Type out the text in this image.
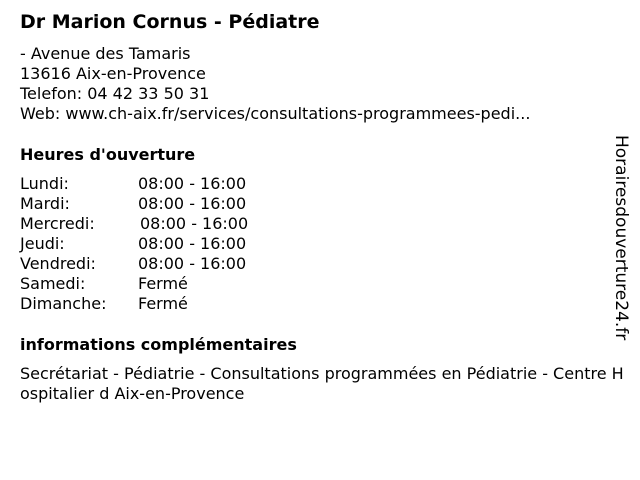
Dr Marion Cornus - Pédiatre
- Avenue des Tamaris
13616 Aix-en-Provence
Telefon: 04 42 33 50 31
Web: www.ch-aix.fr/services/consultations-programmees-pedi...
Heures d'ouverture
Lundi:	08:00 - 16:00
Mardi:	08:00 - 16:00
Mercredi:	08:00 - 16:00
Jeudi:	08:00 - 16:00
Vendredi:	08:00 - 16:00
Samedi:	Fermé
Dimanche:	Fermé
informations complémentaires
Secrétariat - Pédiatrie - Consultations programmées en Pédiatrie - Centre Hospitalier d Aix-en-Provence
Horairesdouverture24.fr
